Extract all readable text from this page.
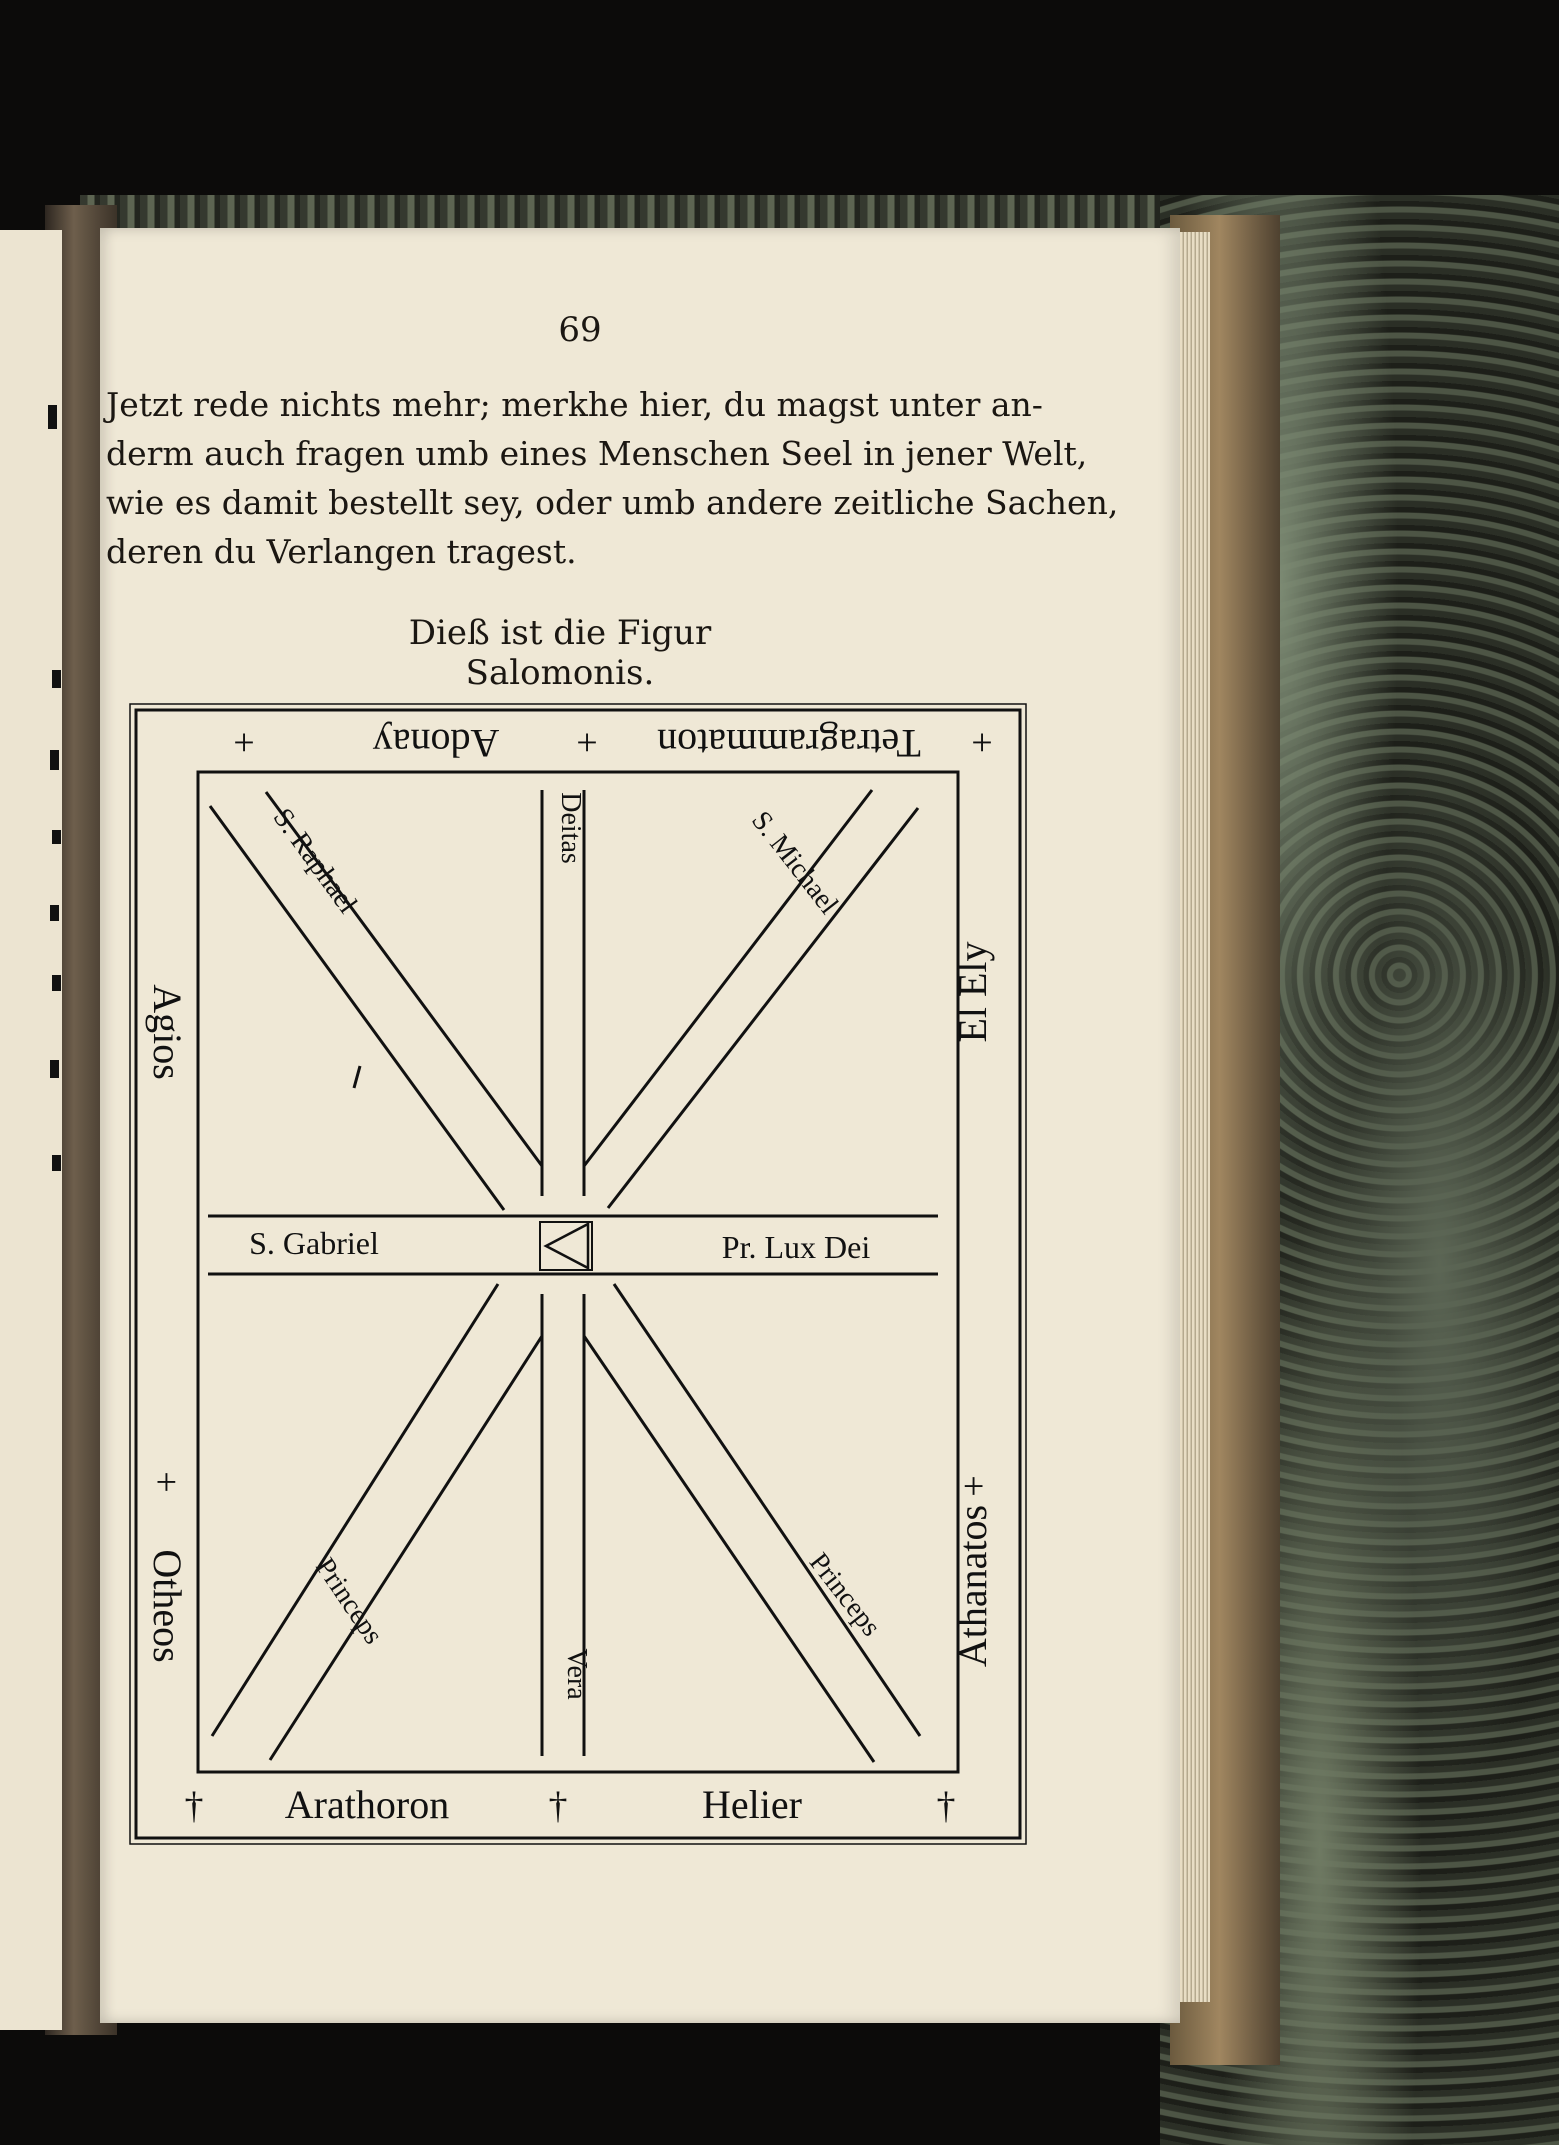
69
Jetzt rede nichts mehr; merkhe hier, du magst unter an-
derm auch fragen umb eines Menschen Seel in jener Welt,
wie es damit bestellt sey, oder umb andere zeitliche Sachen,
deren du Verlangen tragest.
Dieß ist die Figur Salomonis.
+	Adonay + Tetragrammaton +
† Arathoron	†	Helier	†
Agios
+
Otheos
El Ely
+
Athanatos
S. Raphael	Deitas	S. Michael
S. Gabriel	Pr. Lux Dei
Princeps
Vera
Princeps
